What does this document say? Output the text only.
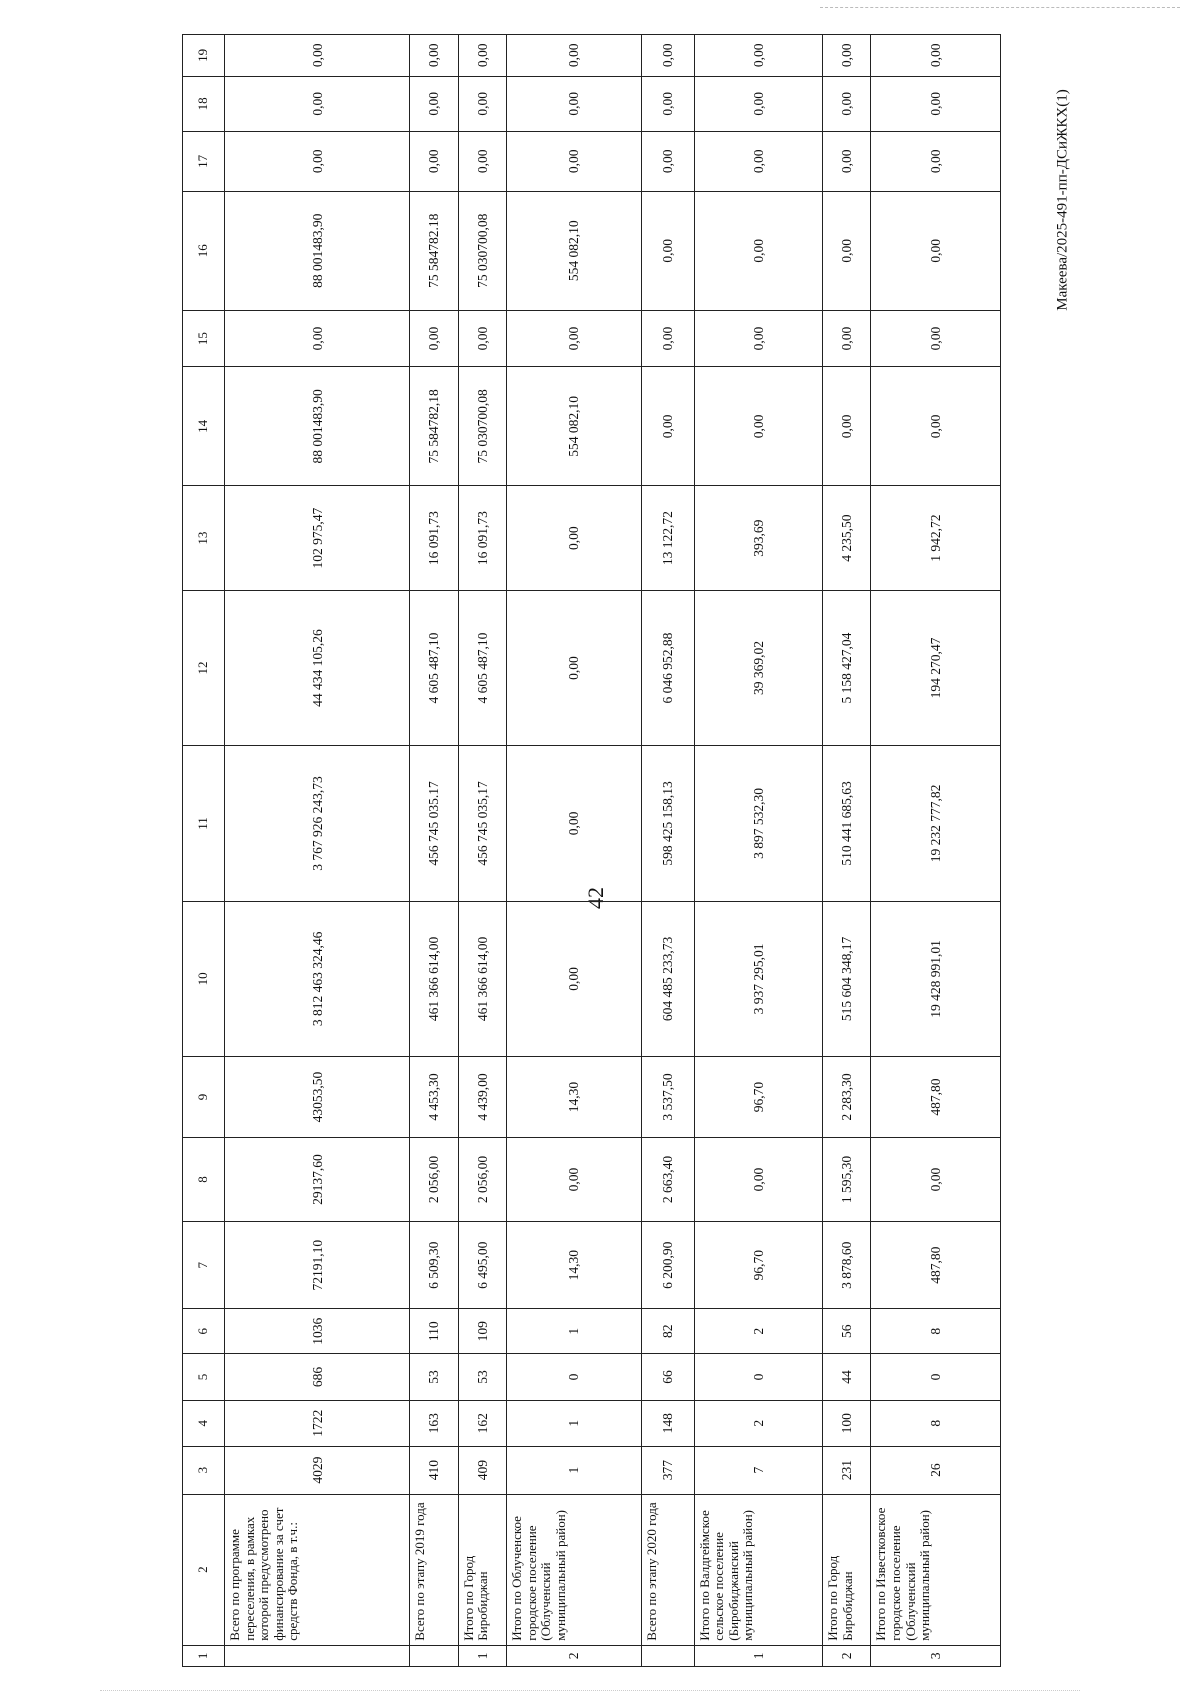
42
Макеева/2025-491-пп-ДСиЖКХ(1)
1	2	3	4	5	6	7	8	9	10	11	12	13	14	15	16	17	18	19
	Всего по программе переселения, в рамках которой предусмотрено финансирование за счет средств Фонда, в т.ч.:	4029	1722	686	1036	72191,10	29137,60	43053,50	3 812 463 324,46	3 767 926 243,73	44 434 105,26	102 975,47	88 001483,90	0,00	88 001483,90	0,00	0,00	0,00
	Всего по этапу 2019 года	410	163	53	110	6 509,30	2 056,00	4 453,30	461 366 614,00	456 745 035.17	4 605 487,10	16 091,73	75 584782,18	0,00	75 584782.18	0,00	0,00	0,00
1	Итого по Город Биробиджан	409	162	53	109	6 495,00	2 056,00	4 439,00	461 366 614,00	456 745 035,17	4 605 487,10	16 091,73	75 030700,08	0,00	75 030700,08	0,00	0,00	0,00
2	Итого по Облученское городское поселение (Облученский муниципальный район)	1	1	0	1	14,30	0,00	14,30	0,00	0,00	0,00	0,00	554 082,10	0,00	554 082,10	0,00	0,00	0,00
	Всего по этапу 2020 года	377	148	66	82	6 200,90	2 663,40	3 537,50	604 485 233,73	598 425 158,13	6 046 952,88	13 122,72	0,00	0,00	0,00	0,00	0,00	0,00
1	Итого по Валдгеймское сельское поселение (Биробиджанский муниципальный район)	7	2	0	2	96,70	0,00	96,70	3 937 295,01	3 897 532,30	39 369,02	393,69	0,00	0,00	0,00	0,00	0,00	0,00
2	Итого по Город Биробиджан	231	100	44	56	3 878,60	1 595,30	2 283,30	515 604 348,17	510 441 685,63	5 158 427,04	4 235,50	0,00	0,00	0,00	0,00	0,00	0,00
3	Итого по Известковское городское поселение (Облученский муниципальный район)	26	8	0	8	487,80	0,00	487,80	19 428 991,01	19 232 777,82	194 270,47	1 942,72	0,00	0,00	0,00	0,00	0,00	0,00
